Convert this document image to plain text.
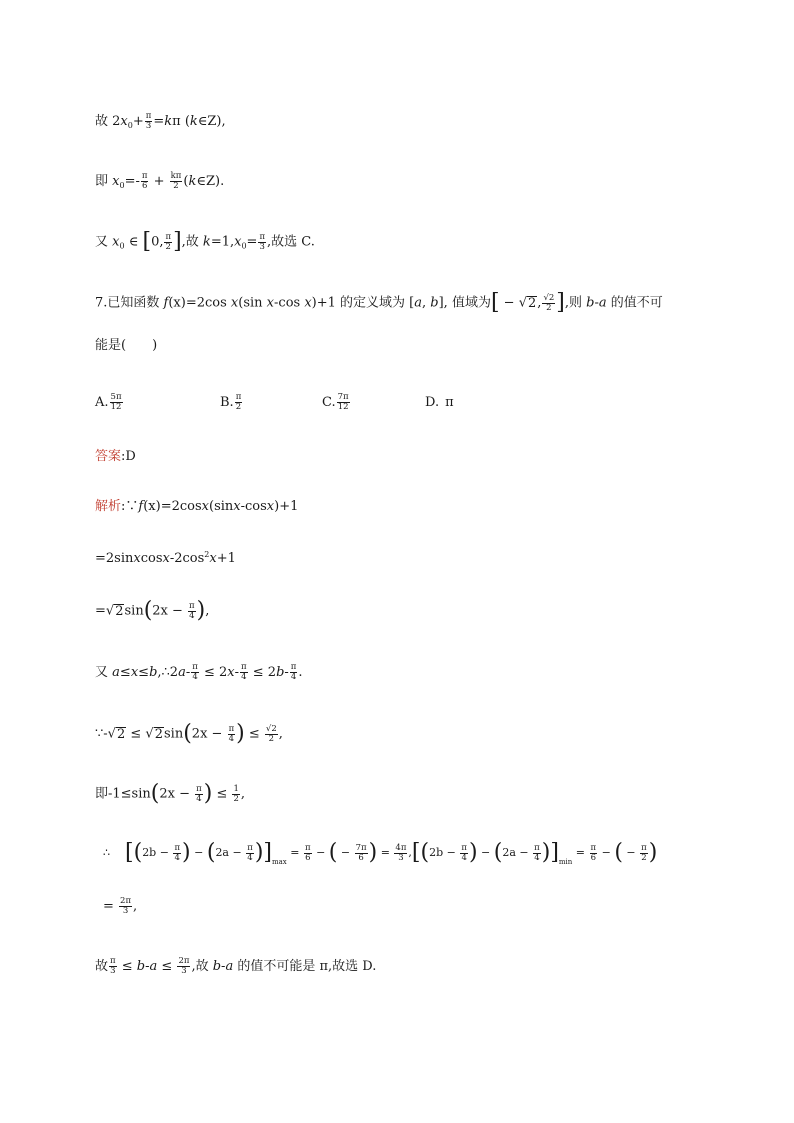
故 $2x_0+ \frac{\pi}{3} =k\pi$ (k∈Z),
即 $x_0=- \frac{\pi}{6} + \frac{k\pi}{2}$ (k∈Z).
又 $x_0$ ∈ [0, $\frac{\pi}{2}$ ],故 $k=1,x_0= \frac{\pi}{3}$ ,故选 C.
7.已知函数 f(x)=2cos x(sin x-cos x)+1 的定义域为 [a, b], 值域为[ − √2, $\frac{√2}{2}$ ],则 b-a 的值不可
能是(　　)
A. $\frac{5\pi}{12}$	B. $\frac{\pi}{2}$	C. $\frac{7\pi}{12}$	D. π
答案:D
解析:∵f(x)=2cosx(sinx-cosx)+1
$=2sinxcosx-2\cos^2x+1$
$=√2\sin(2x - \frac{\pi}{4}$ ),
又 a≤x≤b,∴2a- $\frac{\pi}{4} \le 2x- \frac{\pi}{4} \le 2b- \frac{\pi}{4}$ .
∵-√2 ≤ $√2\sin(2x - \frac{\pi}{4}$ ) ≤ $\frac{√2}{2}$ ,
即$-1\le\sin(2x - \frac{\pi}{4}$ ) ≤ $\frac{1}{2}$ ,
∴ [($2b - \frac{\pi}{4}$ ) − $(2a - \frac{\pi}{4} )]_{max} = \frac{\pi}{6}$ − ( − $\frac{7\pi}{6}$ ) = $\frac{4\pi}{3} ,[(2b - \frac{\pi}{4}$ ) − $(2a - \frac{\pi}{4} )]_{min} = \frac{\pi}{6}$ − ( − $\frac{\pi}{2}$ )
= $\frac{2\pi}{3}$ ,
故 $\frac{\pi}{3} \le b-a \le \frac{2\pi}{3}$ ,故 b-a 的值不可能是 π,故选 D.
